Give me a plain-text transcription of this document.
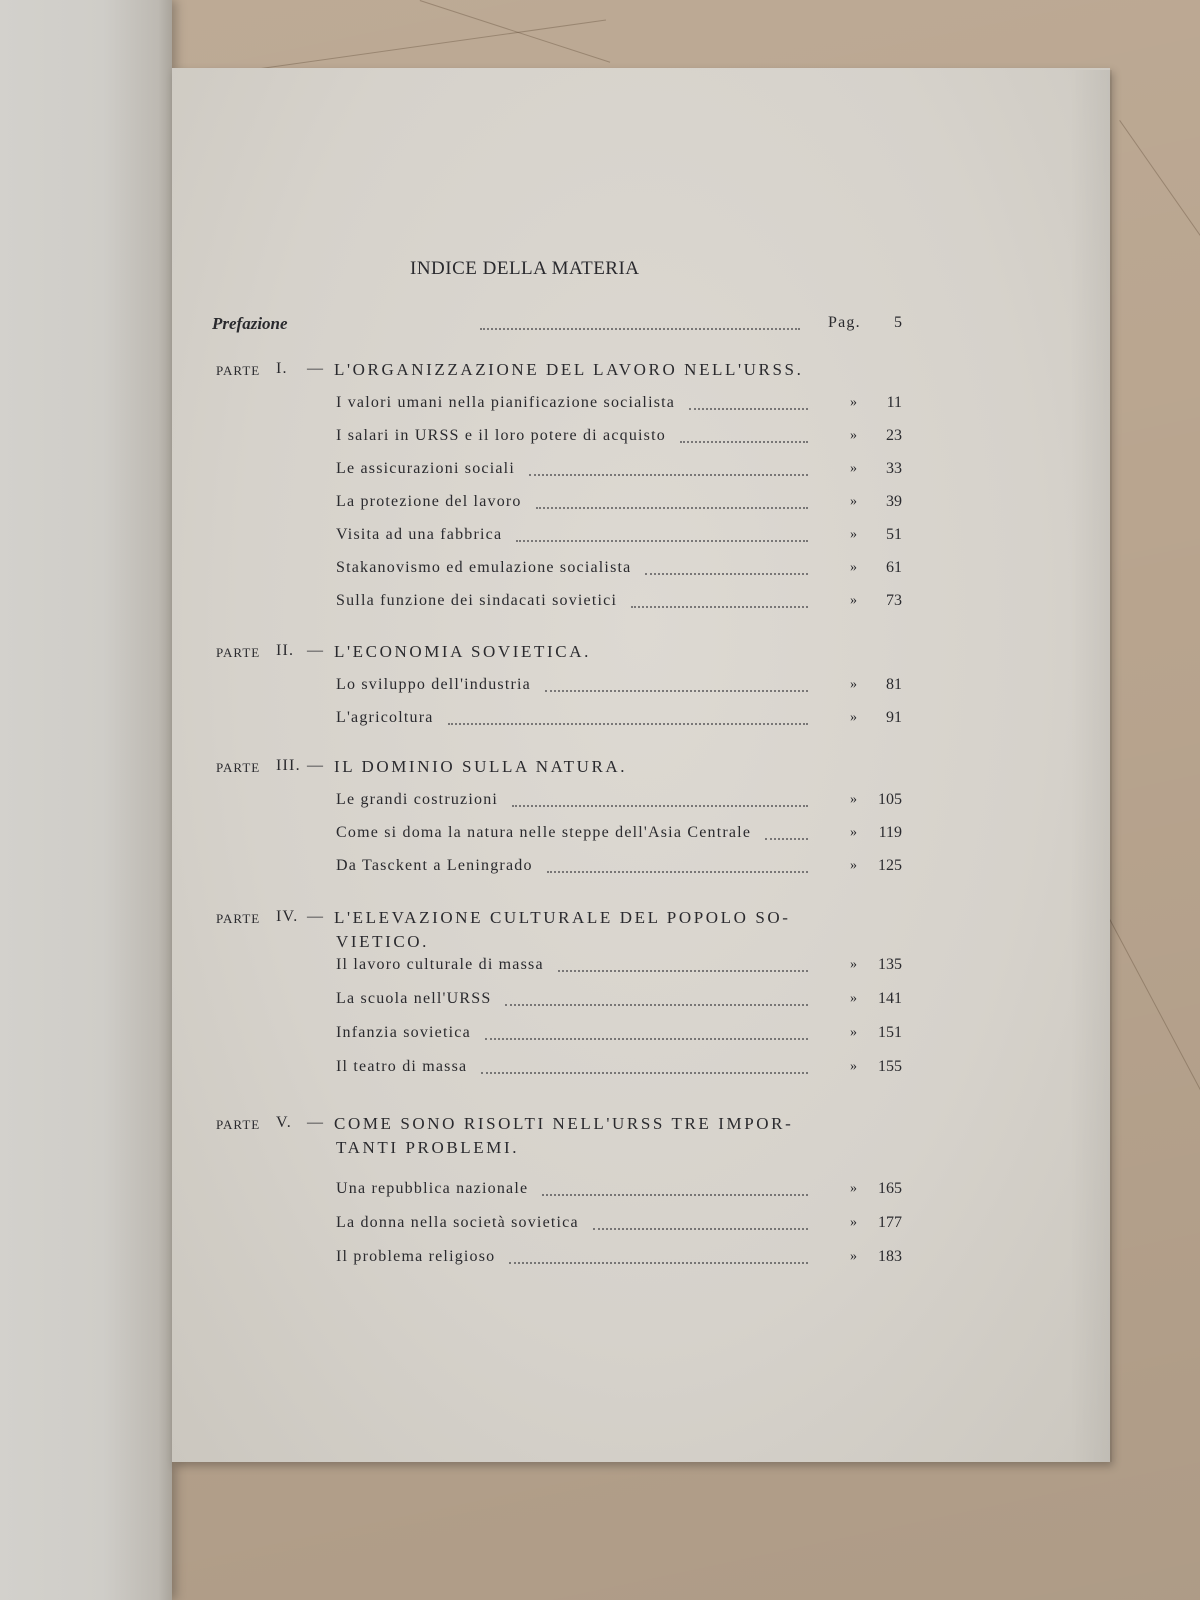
INDICE DELLA MATERIA
Prefazione	Pag.	5
PARTE I. — L'ORGANIZZAZIONE DEL LAVORO NELL'URSS.
I valori umani nella pianificazione socialista	»	11
I salari in URSS e il loro potere di acquisto	»	23
Le assicurazioni sociali	»	33
La protezione del lavoro	»	39
Visita ad una fabbrica	»	51
Stakanovismo ed emulazione socialista	»	61
Sulla funzione dei sindacati sovietici	»	73
PARTE II. — L'ECONOMIA SOVIETICA.
Lo sviluppo dell'industria	»	81
L'agricoltura	»	91
PARTE III. — IL DOMINIO SULLA NATURA.
Le grandi costruzioni	»	105
Come si doma la natura nelle steppe dell'Asia Centrale	»	119
Da Tasckent a Leningrado	»	125
PARTE IV. — L'ELEVAZIONE CULTURALE DEL POPOLO SO-
VIETICO.
Il lavoro culturale di massa	»	135
La scuola nell'URSS	»	141
Infanzia sovietica	»	151
Il teatro di massa	»	155
PARTE V. — COME SONO RISOLTI NELL'URSS TRE IMPOR-
TANTI PROBLEMI.
Una repubblica nazionale	»	165
La donna nella società sovietica	»	177
Il problema religioso	»	183
